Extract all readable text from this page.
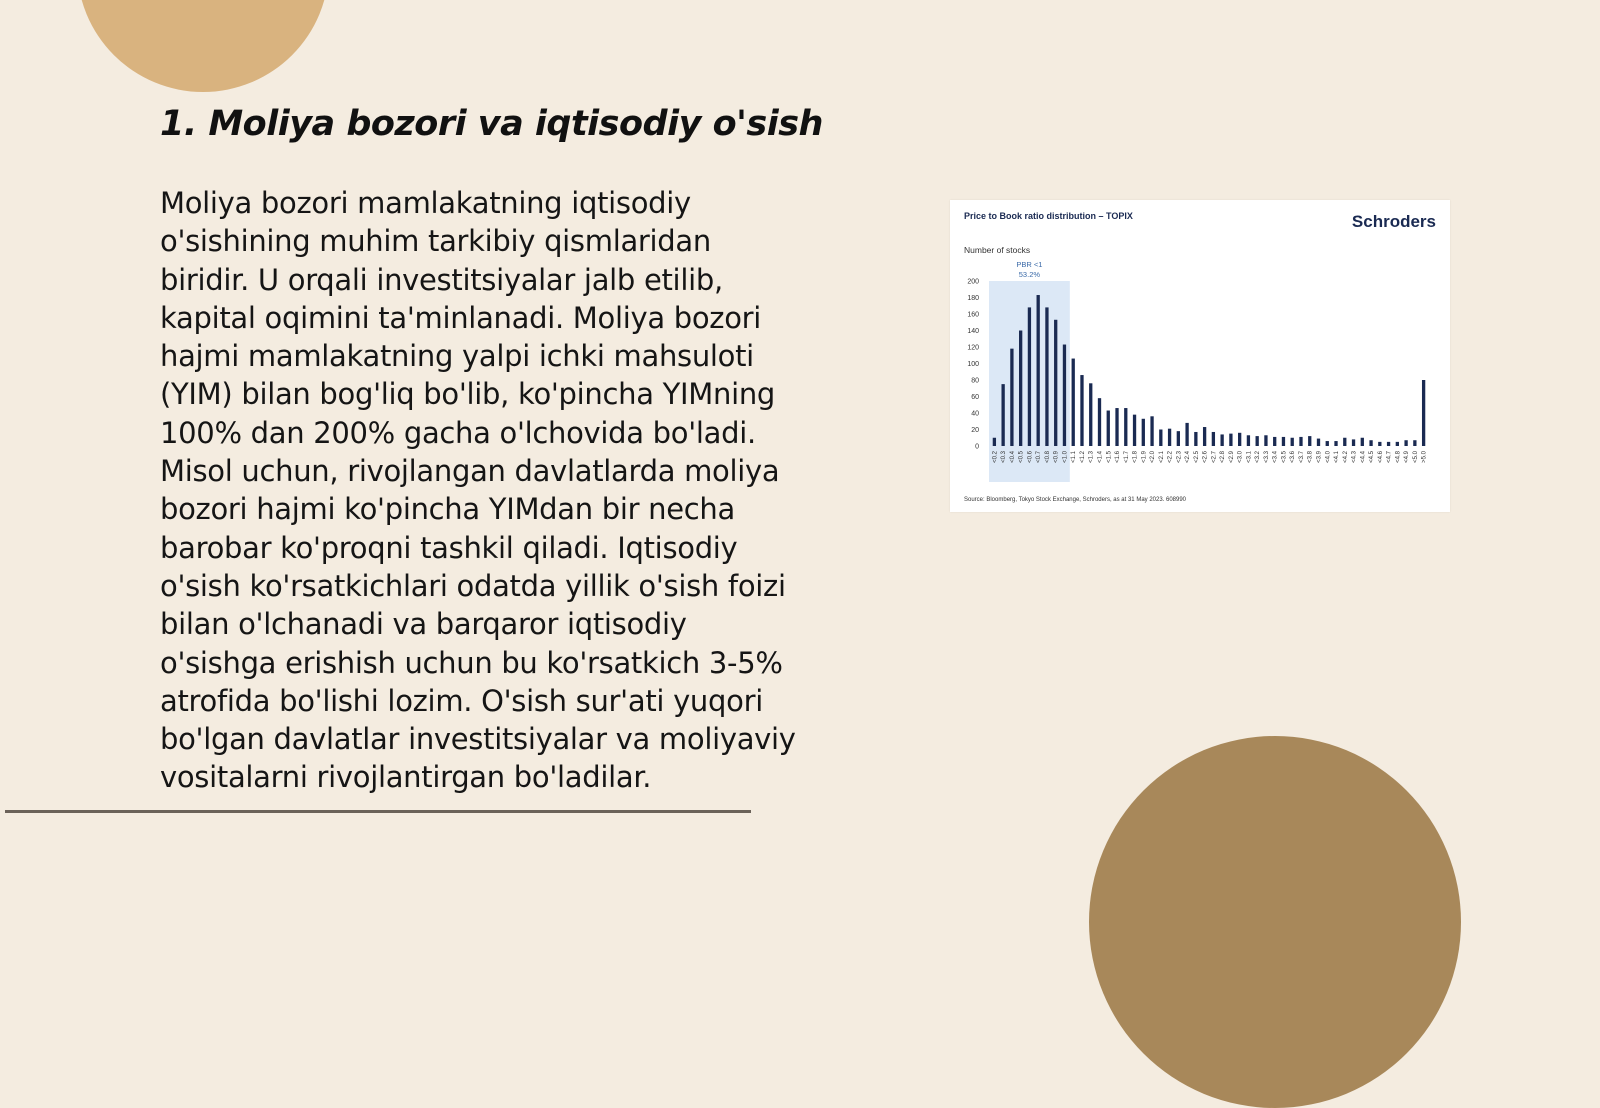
1. Moliya bozori va iqtisodiy o'sish

Moliya bozori mamlakatning iqtisodiy
o'sishining muhim tarkibiy qismlaridan
biridir. U orqali investitsiyalar jalb etilib,
kapital oqimini ta'minlanadi. Moliya bozori
hajmi mamlakatning yalpi ichki mahsuloti
(YIM) bilan bog'liq bo'lib, ko'pincha YIMning
100% dan 200% gacha o'lchovida bo'ladi.
Misol uchun, rivojlangan davlatlarda moliya
bozori hajmi ko'pincha YIMdan bir necha
barobar ko'proqni tashkil qiladi. Iqtisodiy
o'sish ko'rsatkichlari odatda yillik o'sish foizi
bilan o'lchanadi va barqaror iqtisodiy
o'sishga erishish uchun bu ko'rsatkich 3-5%
atrofida bo'lishi lozim. O'sish sur'ati yuqori
bo'lgan davlatlar investitsiyalar va moliyaviy
vositalarni rivojlantirgan bo'ladilar.

Price to Book ratio distribution – TOPIX	Schroders
Number of stocks
PBR <1
53.2%
0
20
40
60
80
100
120
140
160
180
200
<0.2 <0.3 <0.4 <0.5 <0.6 <0.7 <0.8 <0.9 <1.0 <1.1 <1.2 <1.3 <1.4 <1.5 <1.6 <1.7 <1.8 <1.9 <2.0 <2.1 <2.2 <2.3 <2.4 <2.5 <2.6 <2.7 <2.8 <2.9 <3.0 <3.1 <3.2 <3.3 <3.4 <3.5 <3.6 <3.7 <3.8 <3.9 <4.0 <4.1 <4.2 <4.3 <4.4 <4.5 <4.6 <4.7 <4.8 <4.9 <5.0 >5.0
Source: Bloomberg, Tokyo Stock Exchange, Schroders, as at 31 May 2023. 608990
